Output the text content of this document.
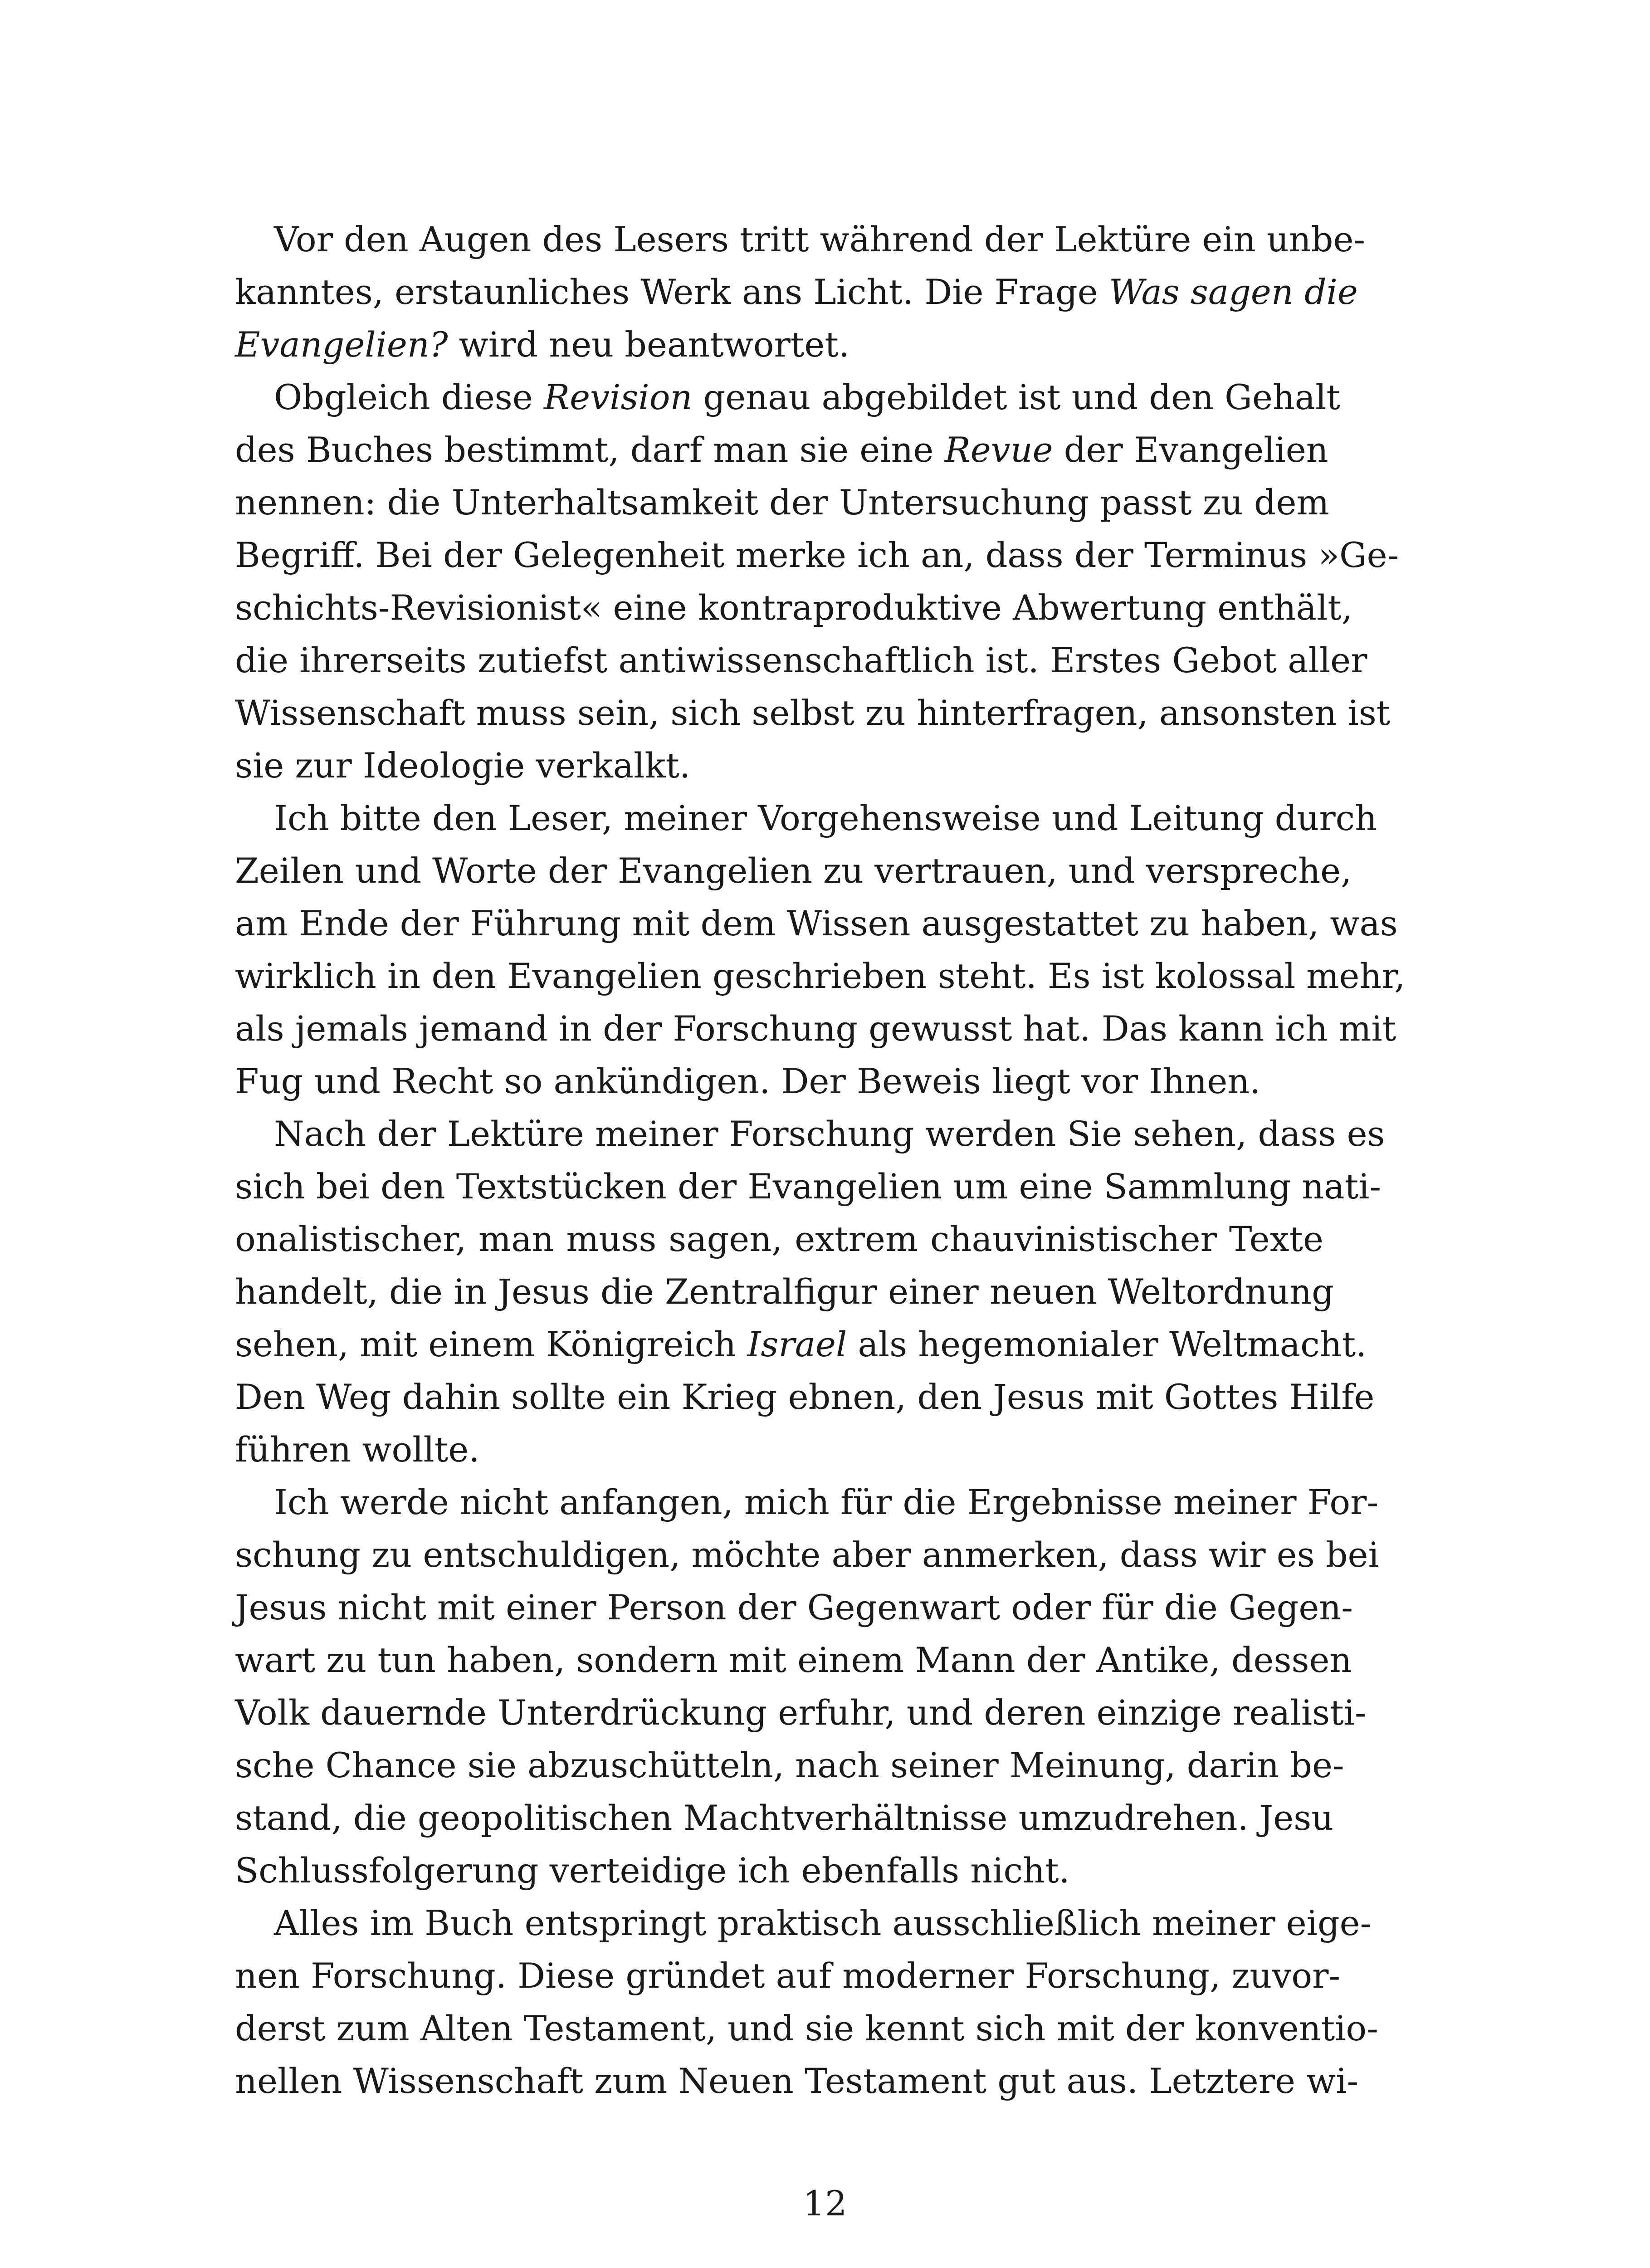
Vor den Augen des Lesers tritt während der Lektüre ein unbe-
kanntes, erstaunliches Werk ans Licht. Die Frage Was sagen die
Evangelien? wird neu beantwortet.
Obgleich diese Revision genau abgebildet ist und den Gehalt
des Buches bestimmt, darf man sie eine Revue der Evangelien
nennen: die Unterhaltsamkeit der Untersuchung passt zu dem
Begriff. Bei der Gelegenheit merke ich an, dass der Terminus »Ge-
schichts-Revisionist« eine kontraproduktive Abwertung enthält,
die ihrerseits zutiefst antiwissenschaftlich ist. Erstes Gebot aller
Wissenschaft muss sein, sich selbst zu hinterfragen, ansonsten ist
sie zur Ideologie verkalkt.
Ich bitte den Leser, meiner Vorgehensweise und Leitung durch
Zeilen und Worte der Evangelien zu vertrauen, und verspreche,
am Ende der Führung mit dem Wissen ausgestattet zu haben, was
wirklich in den Evangelien geschrieben steht. Es ist kolossal mehr,
als jemals jemand in der Forschung gewusst hat. Das kann ich mit
Fug und Recht so ankündigen. Der Beweis liegt vor Ihnen.
Nach der Lektüre meiner Forschung werden Sie sehen, dass es
sich bei den Textstücken der Evangelien um eine Sammlung nati-
onalistischer, man muss sagen, extrem chauvinistischer Texte
handelt, die in Jesus die Zentralfigur einer neuen Weltordnung
sehen, mit einem Königreich Israel als hegemonialer Weltmacht.
Den Weg dahin sollte ein Krieg ebnen, den Jesus mit Gottes Hilfe
führen wollte.
Ich werde nicht anfangen, mich für die Ergebnisse meiner For-
schung zu entschuldigen, möchte aber anmerken, dass wir es bei
Jesus nicht mit einer Person der Gegenwart oder für die Gegen-
wart zu tun haben, sondern mit einem Mann der Antike, dessen
Volk dauernde Unterdrückung erfuhr, und deren einzige realisti-
sche Chance sie abzuschütteln, nach seiner Meinung, darin be-
stand, die geopolitischen Machtverhältnisse umzudrehen. Jesu
Schlussfolgerung verteidige ich ebenfalls nicht.
Alles im Buch entspringt praktisch ausschließlich meiner eige-
nen Forschung. Diese gründet auf moderner Forschung, zuvor-
derst zum Alten Testament, und sie kennt sich mit der konventio-
nellen Wissenschaft zum Neuen Testament gut aus. Letztere wi-
12
